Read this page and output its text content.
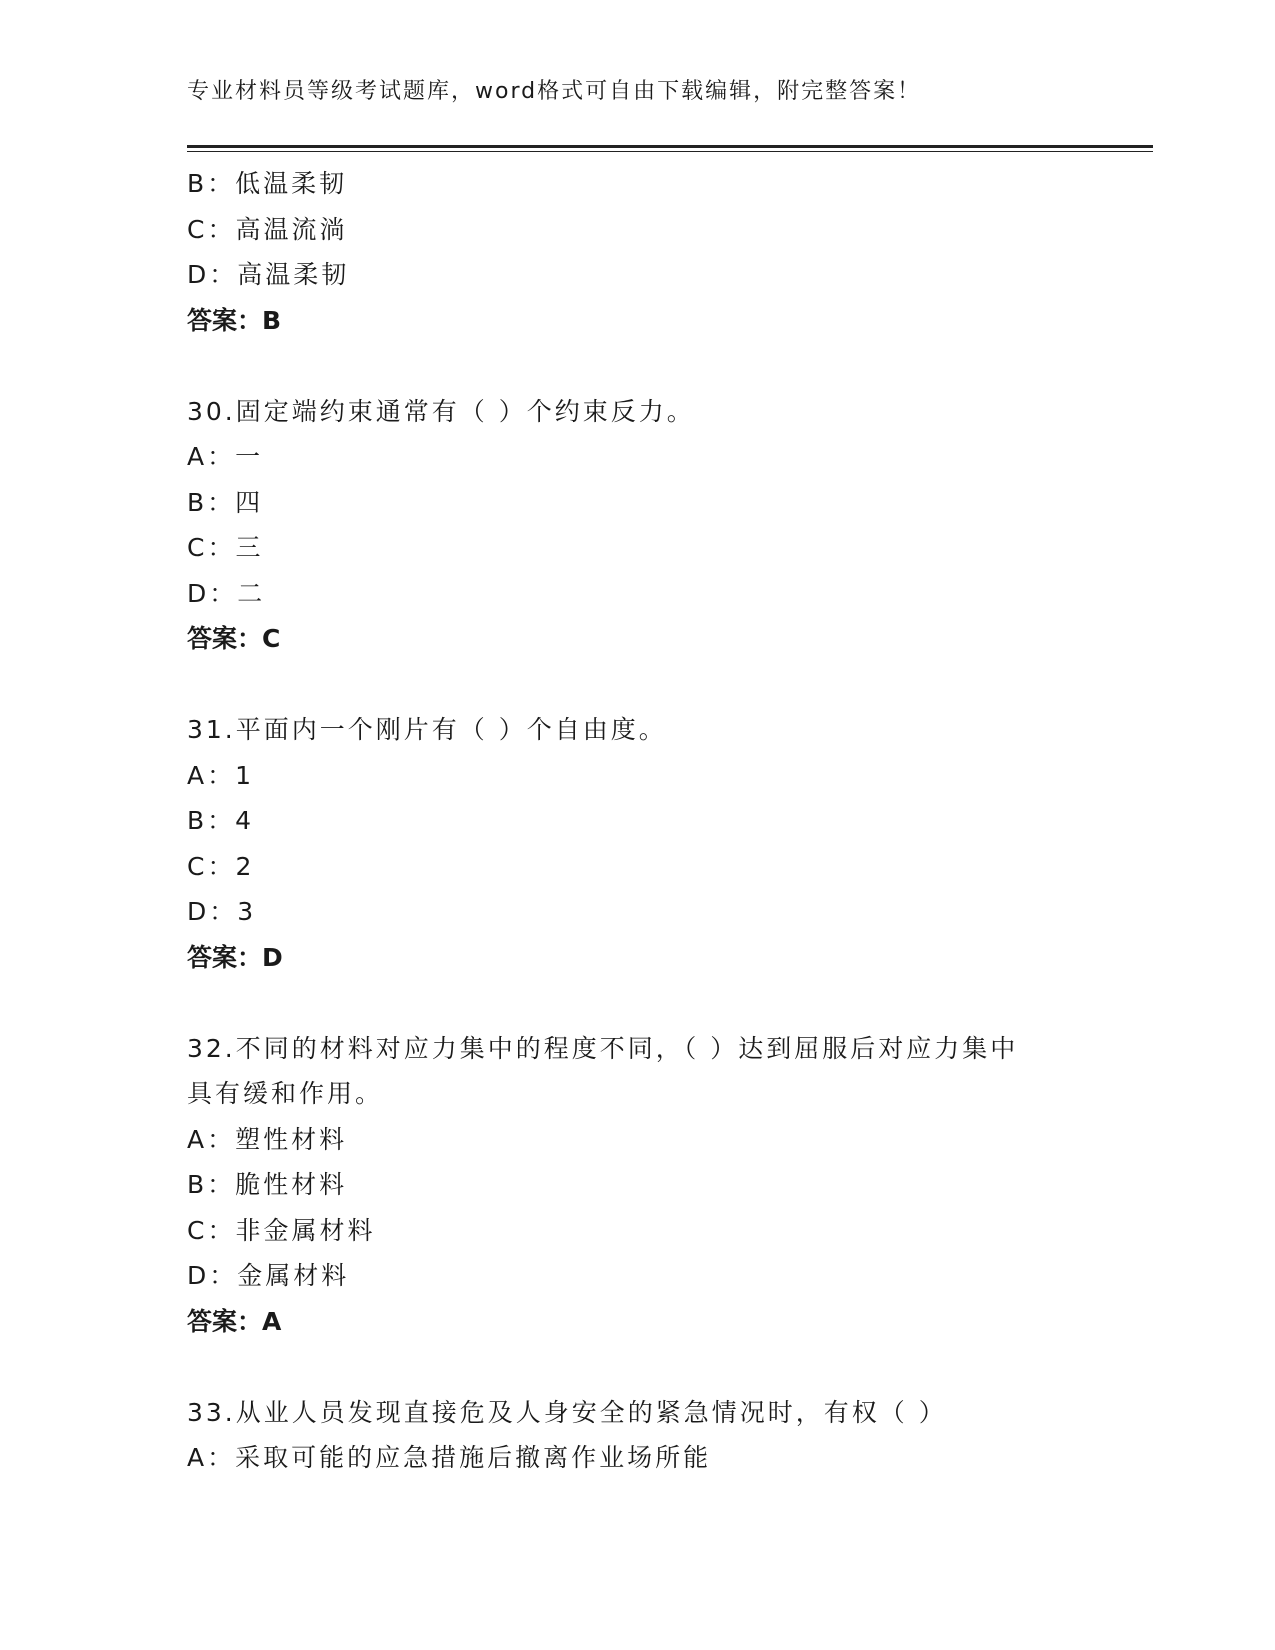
专业材料员等级考试题库，word格式可自由下载编辑，附完整答案！
B：低温柔韧
C：高温流淌
D：高温柔韧
答案：B
30.固定端约束通常有（ ）个约束反力。
A：一
B：四
C：三
D：二
答案：C
31.平面内一个刚片有（ ）个自由度。
A：1
B：4
C：2
D：3
答案：D
32.不同的材料对应力集中的程度不同，（ ）达到屈服后对应力集中
具有缓和作用。
A：塑性材料
B：脆性材料
C：非金属材料
D：金属材料
答案：A
33.从业人员发现直接危及人身安全的紧急情况时，有权（ ）
A：采取可能的应急措施后撤离作业场所能
